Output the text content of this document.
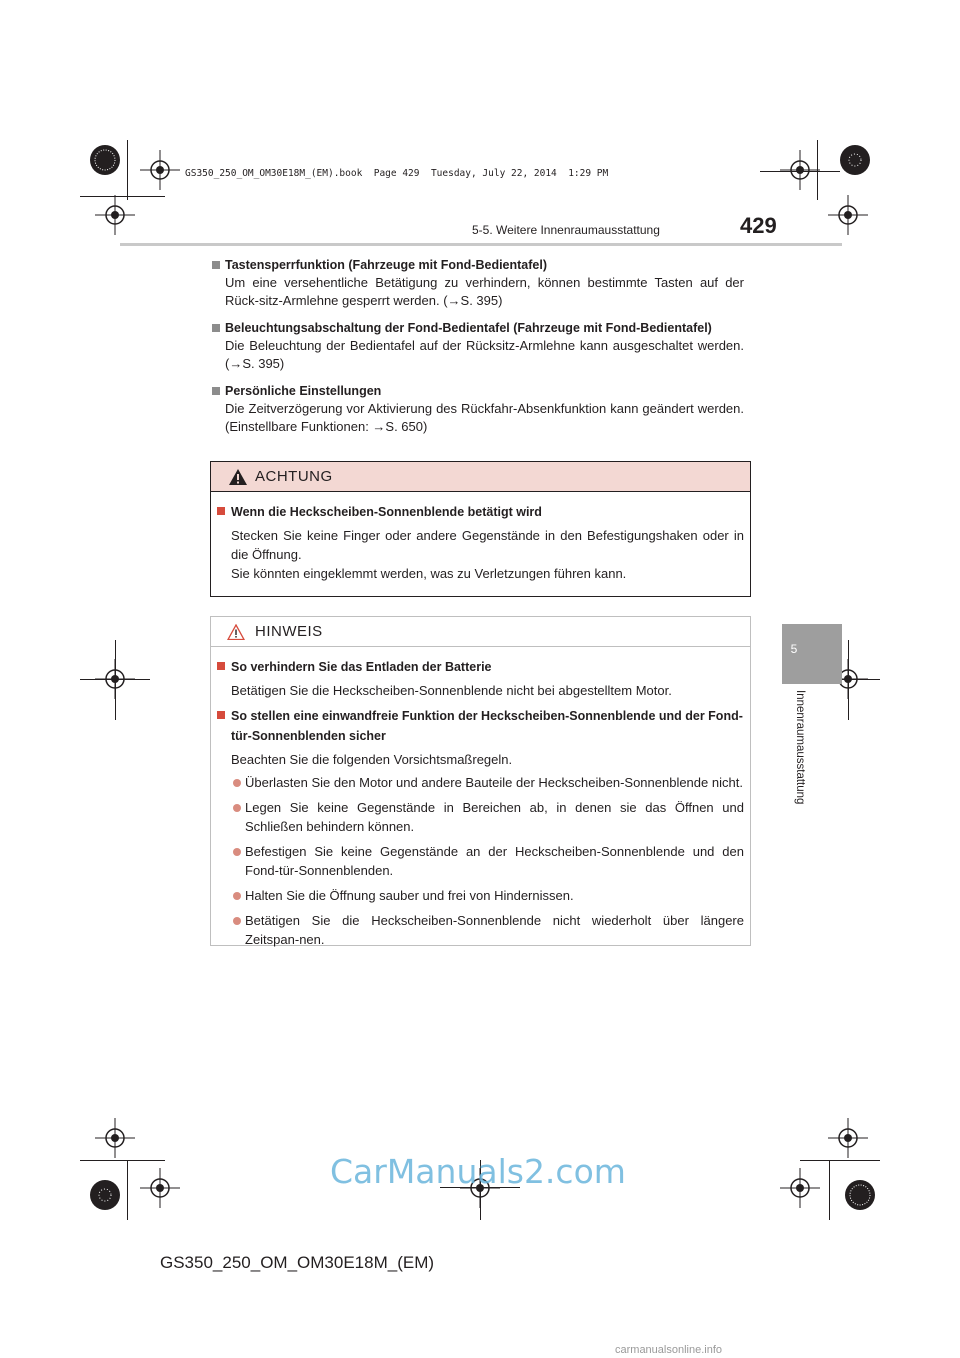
GS350_250_OM_OM30E18M_(EM).book  Page 429  Tuesday, July 22, 2014  1:29 PM
5-5. Weitere Innenraumausstattung	429
5
Innenraumausstattung
Tastensperrfunktion (Fahrzeuge mit Fond-Bedientafel)
Um eine versehentliche Betätigung zu verhindern, können bestimmte Tasten auf der Rück-sitz-Armlehne gesperrt werden. (→S. 395)
Beleuchtungsabschaltung der Fond-Bedientafel (Fahrzeuge mit Fond-Bedientafel)
Die Beleuchtung der Bedientafel auf der Rücksitz-Armlehne kann ausgeschaltet werden. (→S. 395)
Persönliche Einstellungen
Die Zeitverzögerung vor Aktivierung des Rückfahr-Absenkfunktion kann geändert werden. (Einstellbare Funktionen: →S. 650)
ACHTUNG
Wenn die Heckscheiben-Sonnenblende betätigt wird
Stecken Sie keine Finger oder andere Gegenstände in den Befestigungshaken oder in die Öffnung.
Sie könnten eingeklemmt werden, was zu Verletzungen führen kann.
HINWEIS
So verhindern Sie das Entladen der Batterie
Betätigen Sie die Heckscheiben-Sonnenblende nicht bei abgestelltem Motor.
So stellen eine einwandfreie Funktion der Heckscheiben-Sonnenblende und der Fond-tür-Sonnenblenden sicher
Beachten Sie die folgenden Vorsichtsmaßregeln.
Überlasten Sie den Motor und andere Bauteile der Heckscheiben-Sonnenblende nicht.
Legen Sie keine Gegenstände in Bereichen ab, in denen sie das Öffnen und Schließen behindern können.
Befestigen Sie keine Gegenstände an der Heckscheiben-Sonnenblende und den Fond-tür-Sonnenblenden.
Halten Sie die Öffnung sauber und frei von Hindernissen.
Betätigen Sie die Heckscheiben-Sonnenblende nicht wiederholt über längere Zeitspan-nen.
CarManuals2.com
GS350_250_OM_OM30E18M_(EM)
carmanualsonline.info
